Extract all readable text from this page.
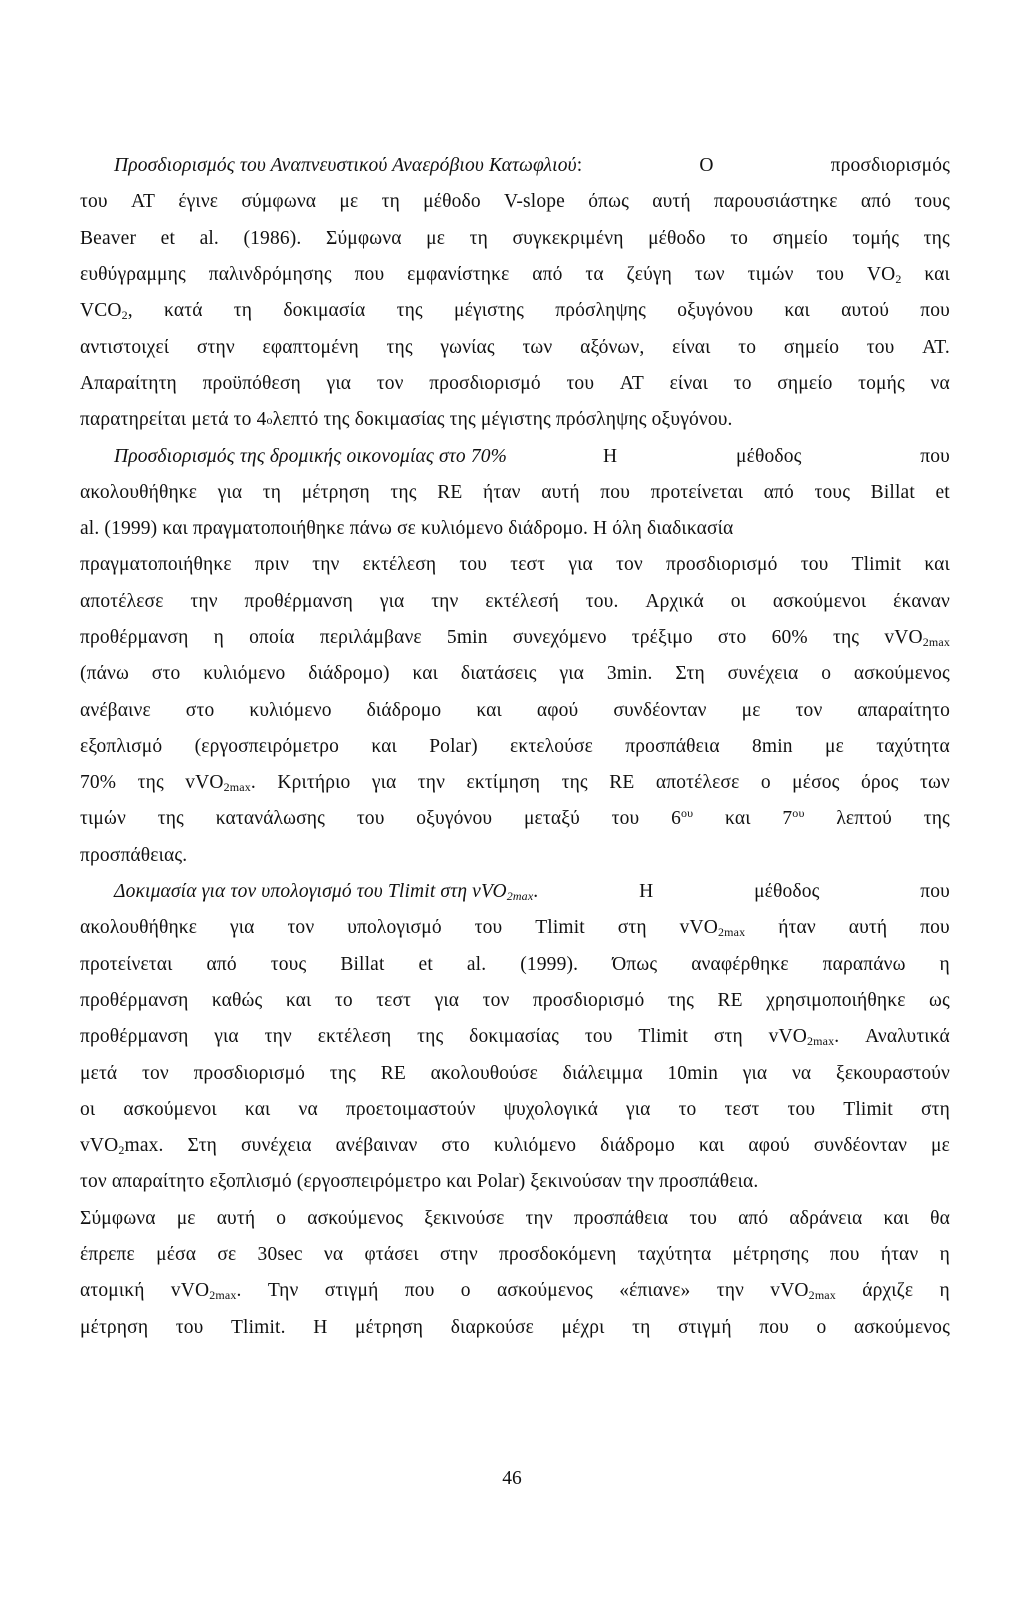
Προσδιορισμός του Αναπνευστικού Αναερόβιου Κατωφλιού:	Ο	προσδιορισμός
του AT έγινε σύμφωνα με τη μέθοδο V-slope όπως αυτή παρουσιάστηκε από τους
Beaver et al. (1986). Σύμφωνα με τη συγκεκριμένη μέθοδο το σημείο τομής της
ευθύγραμμης παλινδρόμησης που εμφανίστηκε από τα ζεύγη των τιμών του $VO_2$ και
$VCO_2$, κατά τη δοκιμασία της μέγιστης πρόσληψης οξυγόνου και αυτού που
αντιστοιχεί στην εφαπτομένη της γωνίας των αξόνων, είναι το σημείο του AT.
Απαραίτητη προϋπόθεση για τον προσδιορισμό του AT είναι το σημείο τομής να
παρατηρείται μετά το 4 ο λεπτό της δοκιμασίας της μέγιστης πρόσληψης οξυγόνου.
Προσδιορισμός της δρομικής οικονομίας στο 70%	Η	μέθοδος	που
ακολουθήθηκε για τη μέτρηση της RE ήταν αυτή που προτείνεται από τους Billat et
al. (1999) και πραγματοποιήθηκε πάνω σε κυλιόμενο διάδρομο. Η όλη διαδικασία
πραγματοποιήθηκε πριν την εκτέλεση του τεστ για τον προσδιορισμό του Tlimit και
αποτέλεσε την προθέρμανση για την εκτέλεσή του. Αρχικά οι ασκούμενοι έκαναν
προθέρμανση η οποία περιλάμβανε 5min συνεχόμενο τρέξιμο στο 60% της vVO$_{2max}$
(πάνω στο κυλιόμενο διάδρομο) και διατάσεις για 3min. Στη συνέχεια ο ασκούμενος
ανέβαινε στο κυλιόμενο διάδρομο και αφού συνδέονταν με τον απαραίτητο
εξοπλισμό (εργοσπειρόμετρο και Polar) εκτελούσε προσπάθεια 8min με ταχύτητα
70% της vVO$_{2max}$. Κριτήριο για την εκτίμηση της RE αποτέλεσε ο μέσος όρος των
τιμών της κατανάλωσης του οξυγόνου μεταξύ του $6^{o\upsilon}$ και $7^{o\upsilon}$ λεπτού της
προσπάθειας.
Δοκιμασία για τον υπολογισμό του Tlimit στη vVO$_{2max}$.	Η	μέθοδος	που
ακολουθήθηκε για τον υπολογισμό του Tlimit στη vVO$_{2max}$ ήταν αυτή που
προτείνεται από τους Billat et al. (1999). Όπως αναφέρθηκε παραπάνω η
προθέρμανση καθώς και το τεστ για τον προσδιορισμό της RE χρησιμοποιήθηκε ως
προθέρμανση για την εκτέλεση της δοκιμασίας του Tlimit στη vVO$_{2max}$. Αναλυτικά
μετά τον προσδιορισμό της RE ακολουθούσε διάλειμμα 10min για να ξεκουραστούν
οι ασκούμενοι και να προετοιμαστούν ψυχολογικά για το τεστ του Tlimit στη
vVO$_2$max. Στη συνέχεια ανέβαιναν στο κυλιόμενο διάδρομο και αφού συνδέονταν με
τον απαραίτητο εξοπλισμό (εργοσπειρόμετρο και Polar) ξεκινούσαν την προσπάθεια.
Σύμφωνα με αυτή ο ασκούμενος ξεκινούσε την προσπάθεια του από αδράνεια και θα
έπρεπε μέσα σε 30sec να φτάσει στην προσδοκόμενη ταχύτητα μέτρησης που ήταν η
ατομική vVO$_{2max}$. Την στιγμή που ο ασκούμενος «έπιανε» την vVO$_{2max}$ άρχιζε η
μέτρηση του Tlimit. Η μέτρηση διαρκούσε μέχρι τη στιγμή που ο ασκούμενος
46
